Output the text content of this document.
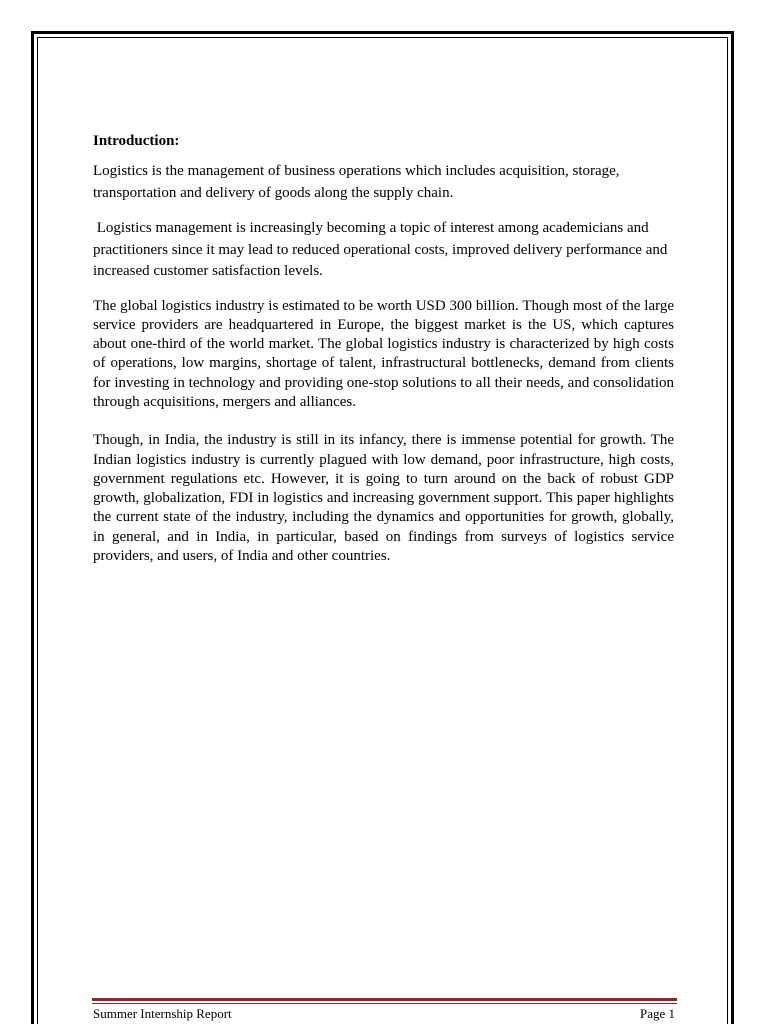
Introduction:

Logistics is the management of business operations which includes acquisition, storage, transportation and delivery of goods along the supply chain.

Logistics management is increasingly becoming a topic of interest among academicians and practitioners since it may lead to reduced operational costs, improved delivery performance and increased customer satisfaction levels.

The global logistics industry is estimated to be worth USD 300 billion. Though most of the large service providers are headquartered in Europe, the biggest market is the US, which captures about one-third of the world market. The global logistics industry is characterized by high costs of operations, low margins, shortage of talent, infrastructural bottlenecks, demand from clients for investing in technology and providing one-stop solutions to all their needs, and consolidation through acquisitions, mergers and alliances.

Though, in India, the industry is still in its infancy, there is immense potential for growth. The Indian logistics industry is currently plagued with low demand, poor infrastructure, high costs, government regulations etc. However, it is going to turn around on the back of robust GDP growth, globalization, FDI in logistics and increasing government support. This paper highlights the current state of the industry, including the dynamics and opportunities for growth, globally, in general, and in India, in particular, based on findings from surveys of logistics service providers, and users, of India and other countries.

Summer Internship Report	Page 1
